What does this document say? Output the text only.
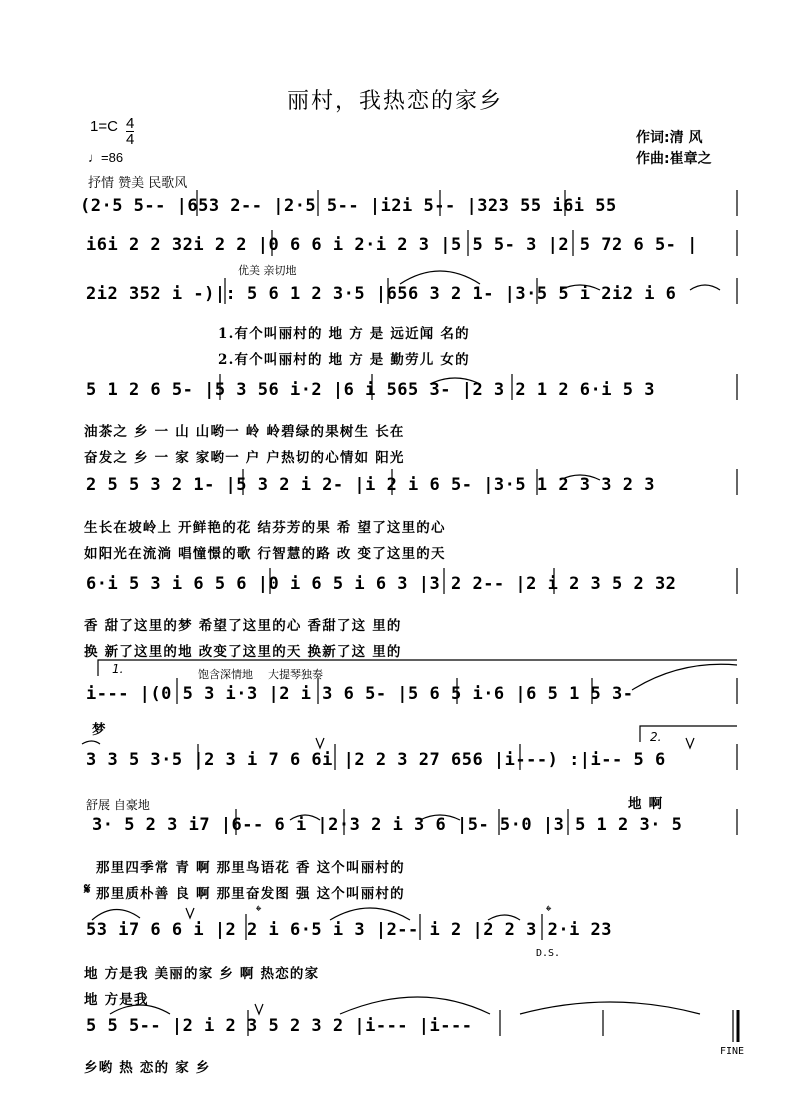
丽村，我热恋的家乡
1=C 4

4
♩=86
作词:清 风
作曲:崔章之
抒情 赞美 民歌风
优美 亲切地
饱含深情地 大提琴独奏
舒展 自豪地
(2·5 5-- |653 2-- |2·5 5-- |i2i 5-- |323 55 i6i 55
i6i 2 2 32i 2 2 |0 6 6 i 2·i 2 3 |5 5 5- 3 |2 5 72 6 5- |
2i2 352 i -)|: 5 6 1 2 3·5 |656 3 2 1- |3·5 5 i 2i2 i 6
5 1 2 6 5- |5 3 56 i·2 |6 i 565 3- |2 3 2 1 2 6·i 5 3
2 5 5 3 2 1- |5 3 2 i 2- |i 2 i 6 5- |3·5 1 2 3 3 2 3
6·i 5 3 i 6 5 6 |0 i 6 5 i 6 3 |3 2 2-- |2 i 2 3 5 2 32
i--- |(0 5 3 i·3 |2 i 3 6 5- |5 6 5 i·6 |6 5 1 5 3-
3 3 5 3·5 |2 3 i 7 6 6i |2 2 3 27 656 |i---) :|i-- 5 6
3· 5 2 3 i7 |6-- 6 i |2·3 2 i 3 6 |5- 5·0 |3 5 1 2 3· 5
53 i7 6 6 i |2 2 i 6·5 i 3 |2-- i 2 |2 2 3 2·i 23
5 5 5-- |2 i 2 3 5 2 3 2 |i--- |i---
1.有个叫丽村的 地 方 是 远近闻 名的
2.有个叫丽村的 地 方 是 勤劳儿 女的
油茶之 乡 一 山 山哟一 岭 岭碧绿的果树生 长在
奋发之 乡 一 家 家哟一 户 户热切的心情如 阳光
生长在坡岭上 开鲜艳的花 结芬芳的果 希 望了这里的心
如阳光在流淌 唱憧憬的歌 行智慧的路 改 变了这里的天
香 甜了这里的梦 希望了这里的心 香甜了这 里的
换 新了这里的地 改变了这里的天 换新了这 里的
梦
地 啊
那里四季常 青 啊 那里鸟语花 香 这个叫丽村的
那里质朴善 良 啊 那里奋发图 强 这个叫丽村的
𝄋
地 方是我 美丽的家 乡 啊 热恋的家
地 方是我
乡哟 热 恋的 家 乡
1.
2.
D.S.
FINE
𝄌	𝄌
